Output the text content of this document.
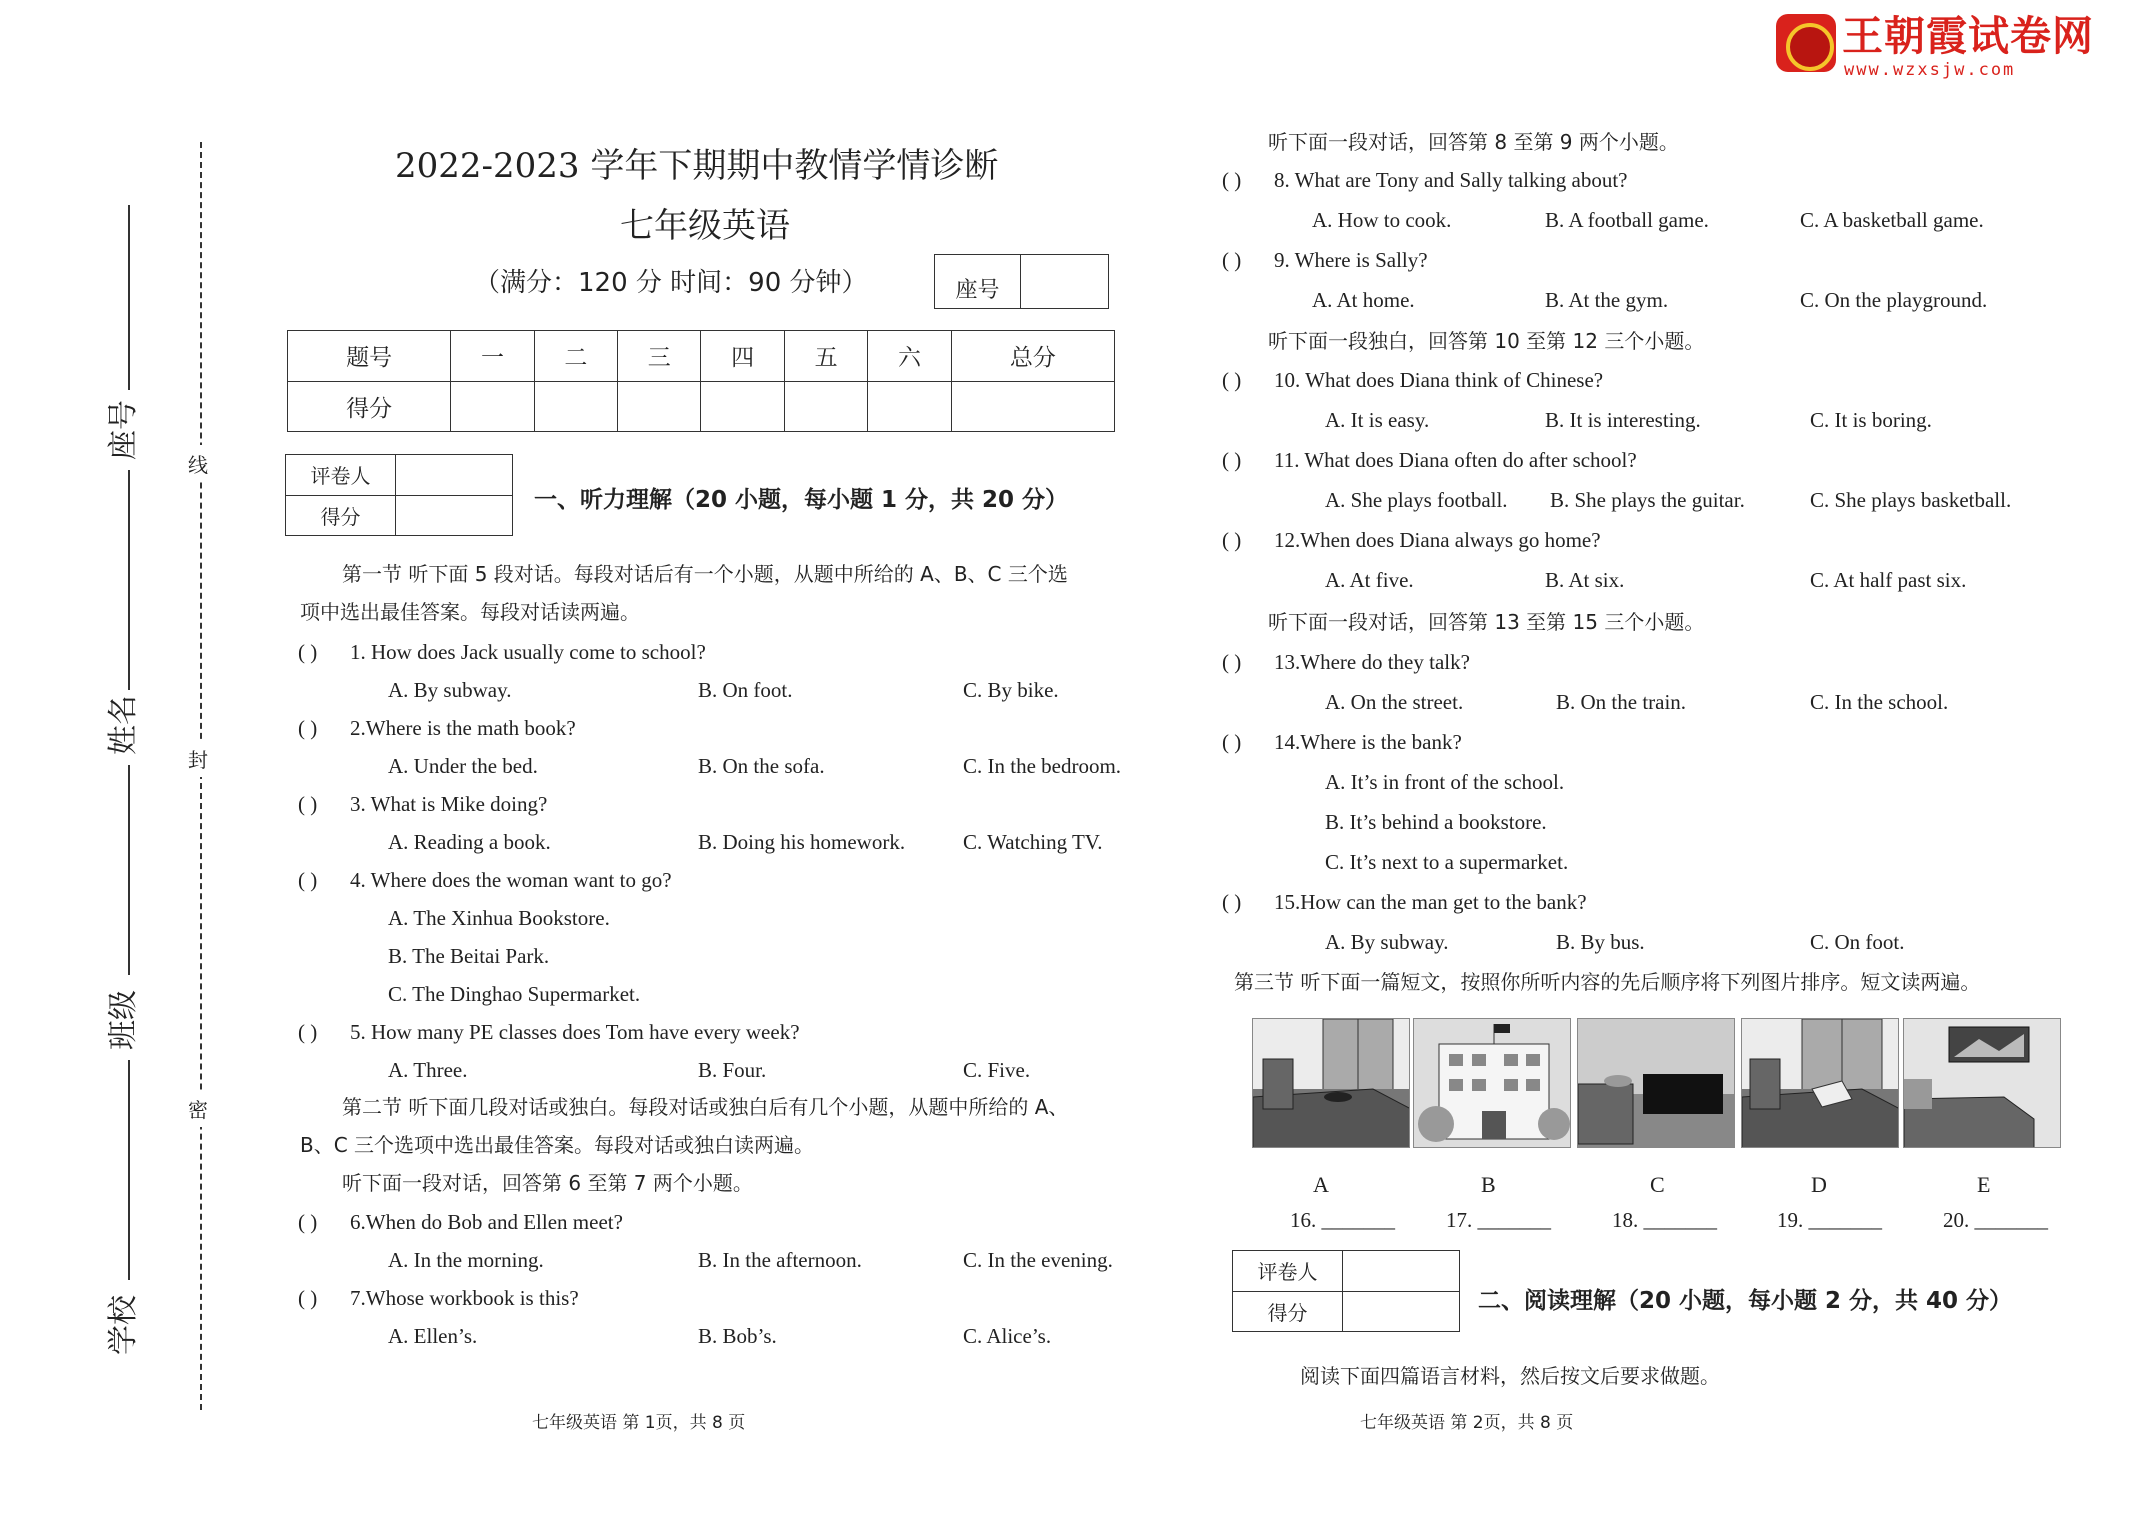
王朝霞试卷网
www.wzxsjw.com
线
封
密
座号
姓名
班级
学校
2022-2023 学年下期期中教情学情诊断
七年级英语
（满分：120 分 时间：90 分钟）	座号	
题号	一	二	三	四	五	六	总分
得分							
评卷人	
得分	
一、听力理解（20 小题，每小题 1 分，共 20 分）
第一节 听下面 5 段对话。每段对话后有一个小题，从题中所给的 A、B、C 三个选
项中选出最佳答案。每段对话读两遍。
( ) 1. How does Jack usually come to school?
A. By subway.	B. On foot.	C. By bike.
( ) 2.Where is the math book?
A. Under the bed.	B. On the sofa.	C. In the bedroom.
( ) 3. What is Mike doing?
A. Reading a book.	B. Doing his homework.	C. Watching TV.
( ) 4. Where does the woman want to go?
A. The Xinhua Bookstore.
B. The Beitai Park.
C. The Dinghao Supermarket.
( ) 5. How many PE classes does Tom have every week?
A. Three.	B. Four.	C. Five.
第二节 听下面几段对话或独白。每段对话或独白后有几个小题，从题中所给的 A、
B、C 三个选项中选出最佳答案。每段对话或独白读两遍。
听下面一段对话，回答第 6 至第 7 两个小题。
( ) 6.When do Bob and Ellen meet?
A. In the morning.	B. In the afternoon.	C. In the evening.
( ) 7.Whose workbook is this?
A. Ellen’s.	B. Bob’s.	C. Alice’s.
七年级英语 第 1页，共 8 页
听下面一段对话，回答第 8 至第 9 两个小题。
( ) 8. What are Tony and Sally talking about?
A. How to cook.	B. A football game.	C. A basketball game.
( ) 9. Where is Sally?
A. At home.	B. At the gym.	C. On the playground.
听下面一段独白，回答第 10 至第 12 三个小题。
( ) 10. What does Diana think of Chinese?
A. It is easy.	B. It is interesting.	C. It is boring.
( ) 11. What does Diana often do after school?
A. She plays football. B. She plays the guitar.	C. She plays basketball.
( ) 12.When does Diana always go home?
A. At five.	B. At six.	C. At half past six.
听下面一段对话，回答第 13 至第 15 三个小题。
( ) 13.Where do they talk?
A. On the street.	B. On the train.	C. In the school.
( ) 14.Where is the bank?
A. It’s in front of the school.
B. It’s behind a bookstore.
C. It’s next to a supermarket.
( ) 15.How can the man get to the bank?
A. By subway.	B. By bus.	C. On foot.
第三节 听下面一篇短文，按照你所听内容的先后顺序将下列图片排序。短文读两遍。
A	B	C	D	E
16. _______ 17. _______	18. _______	19. _______	20. _______
评卷人	
得分		二、阅读理解（20 小题，每小题 2 分，共 40 分）
阅读下面四篇语言材料，然后按文后要求做题。
七年级英语 第 2页，共 8 页
